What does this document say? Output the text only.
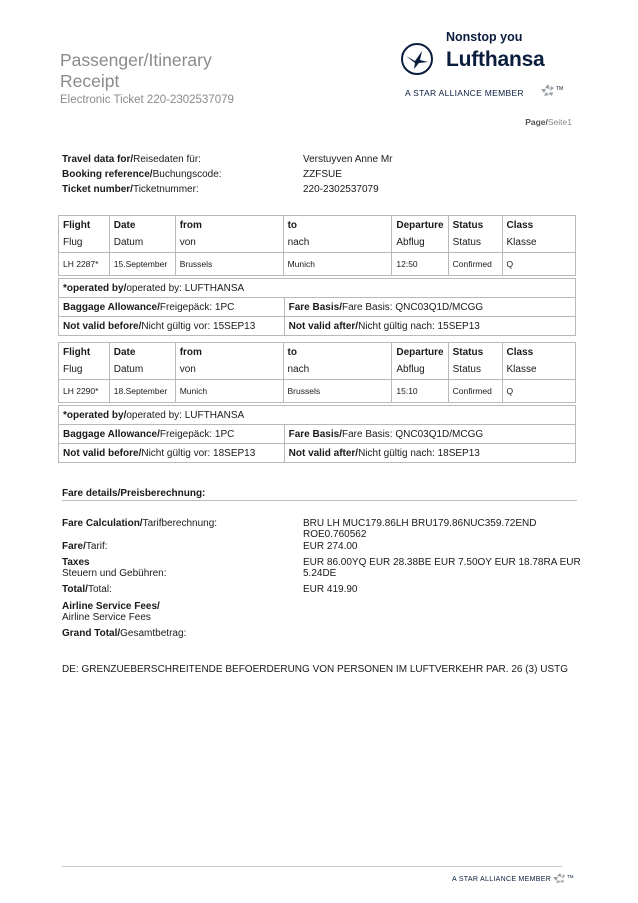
Passenger/Itinerary
Receipt
Electronic Ticket 220-2302537079
Nonstop you
Lufthansa
A STAR ALLIANCE MEMBER	TM
Page/Seite1
Travel data for/Reisedaten für:	Verstuyven Anne Mr
Booking reference/Buchungscode:	ZZFSUE
Ticket number/Ticketnummer:	220-2302537079
Flight	Date	from	to	Departure	Status	Class
Flug	Datum	von	nach	Abflug	Status	Klasse
LH 2287*	15.September	Brussels	Munich	12:50	Confirmed	Q
*operated by/operated by: LUFTHANSA	
Baggage Allowance/Freigepäck: 1PC	Fare Basis/Fare Basis: QNC03Q1D/MCGG
Not valid before/Nicht gültig vor: 15SEP13	Not valid after/Nicht gültig nach: 15SEP13
Flight	Date	from	to	Departure	Status	Class
Flug	Datum	von	nach	Abflug	Status	Klasse
LH 2290*	18.September	Munich	Brussels	15:10	Confirmed	Q
*operated by/operated by: LUFTHANSA	
Baggage Allowance/Freigepäck: 1PC	Fare Basis/Fare Basis: QNC03Q1D/MCGG
Not valid before/Nicht gültig vor: 18SEP13	Not valid after/Nicht gültig nach: 18SEP13
Fare details/Preisberechnung:
Fare Calculation/Tarifberechnung:	BRU LH MUC179.86LH BRU179.86NUC359.72END ROE0.760562
Fare/Tarif:	EUR 274.00
Taxes
Steuern und Gebühren:
EUR 86.00YQ EUR 28.38BE EUR 7.50OY EUR 18.78RA EUR 5.24DE
Total/Total:	EUR 419.90
Airline Service Fees/
Airline Service Fees
Grand Total/Gesamtbetrag:
DE: GRENZUEBERSCHREITENDE BEFOERDERUNG VON PERSONEN IM LUFTVERKEHR PAR. 26 (3) USTG
A STAR ALLIANCE MEMBER	TM
